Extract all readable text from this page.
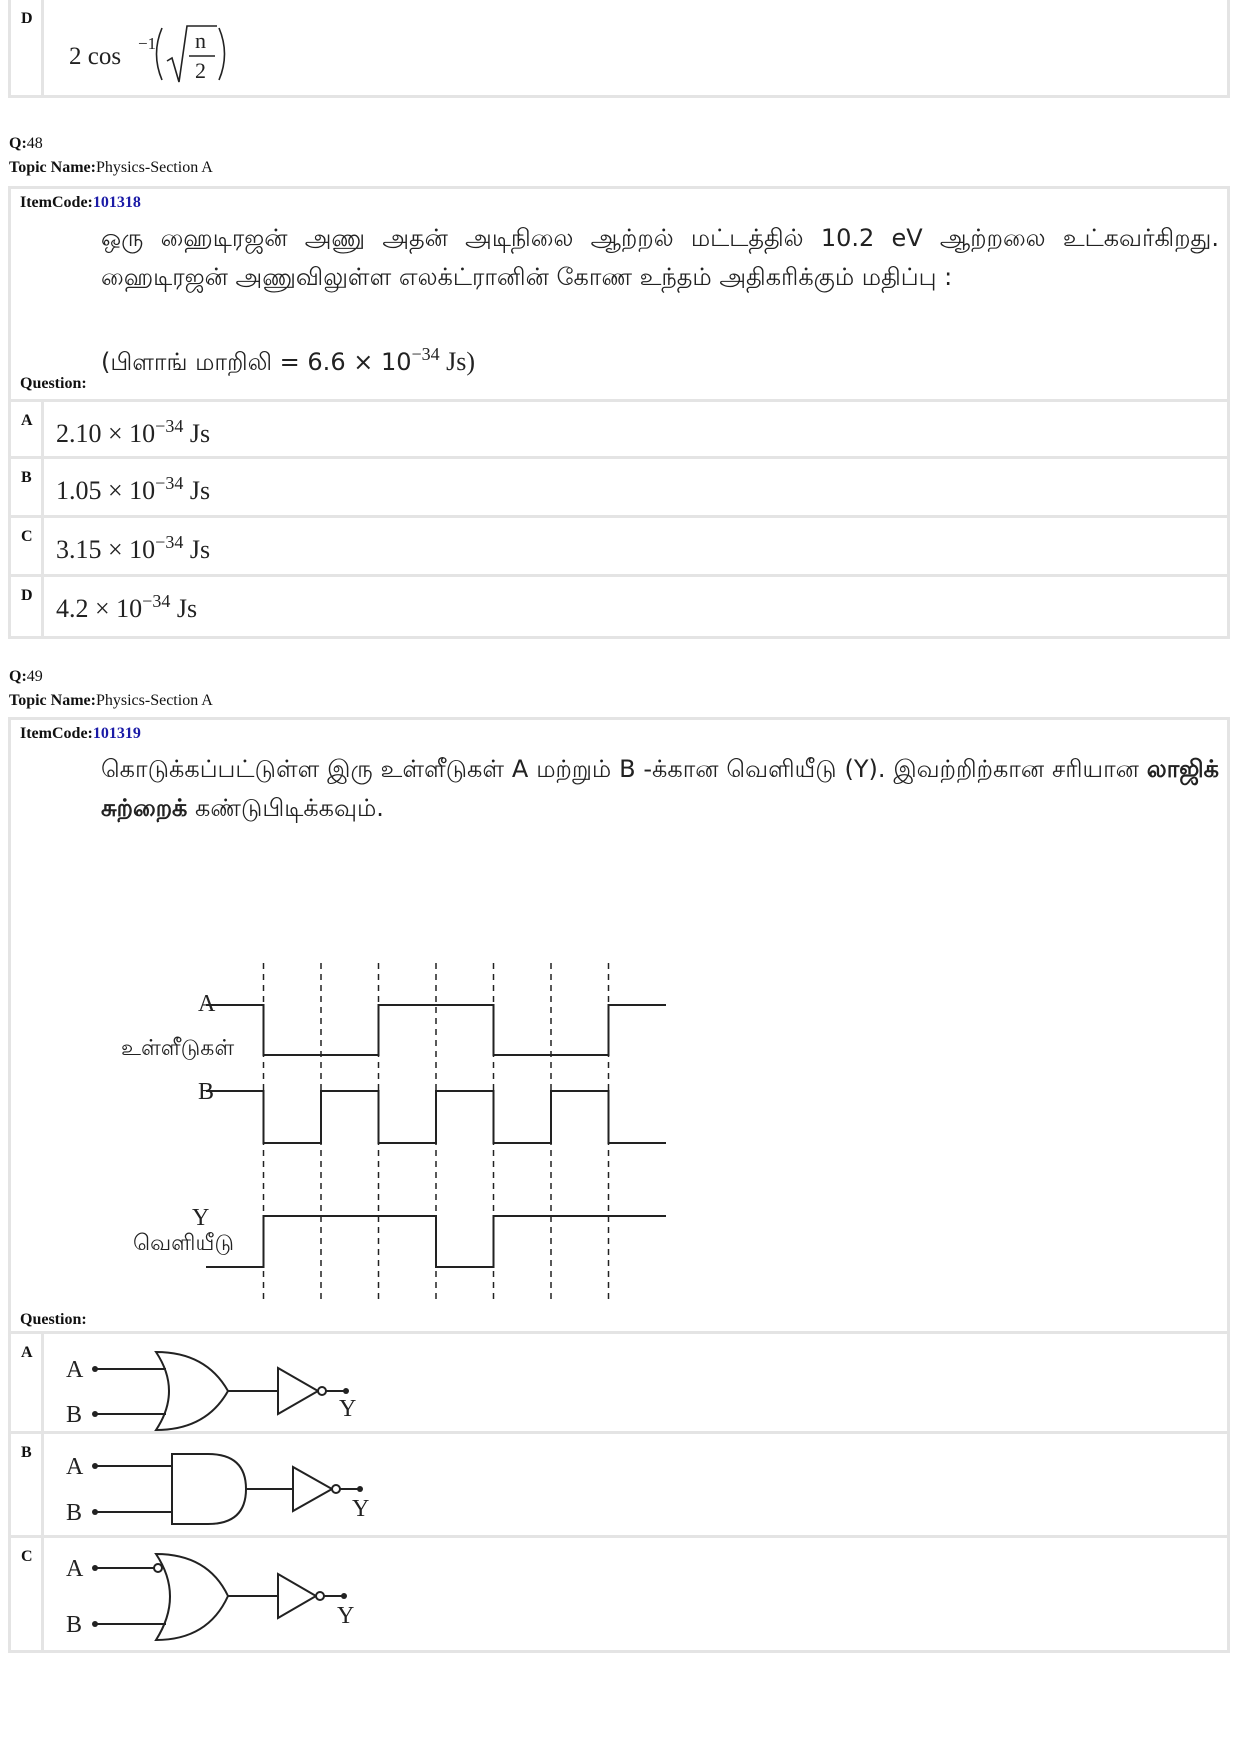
D
2 cos −1 n
2
Q:48
Topic Name:Physics-Section A
ItemCode:101318
ஒரு ஹைடிரஜன் அணு அதன் அடிநிலை ஆற்றல் மட்டத்தில் 10.2 eV ஆற்றலை உட்கவர்கிறது. ஹைடிரஜன் அணுவிலுள்ள எலக்ட்ரானின் கோண உந்தம் அதிகரிக்கும் மதிப்பு :
(பிளாங் மாறிலி = $6.6 \times 10^{-34}$ Js)
Question:
A $2.10 \times 10^{-34}$ Js
B $1.05 \times 10^{-34}$ Js
C $3.15 \times 10^{-34}$ Js
D $4.2 \times 10^{-34}$ Js
Q:49
Topic Name:Physics-Section A
ItemCode:101319
கொடுக்கப்பட்டுள்ள இரு உள்ளீடுகள் A மற்றும் B -க்கான வெளியீடு (Y). இவற்றிற்கான சரியான லாஜிக் சுற்றைக் கண்டுபிடிக்கவும்.
A
உள்ளீடுகள்
B
Y
வெளியீடு
Question:
A
A
B	Y
B
A
B	Y
C A
B	Y
